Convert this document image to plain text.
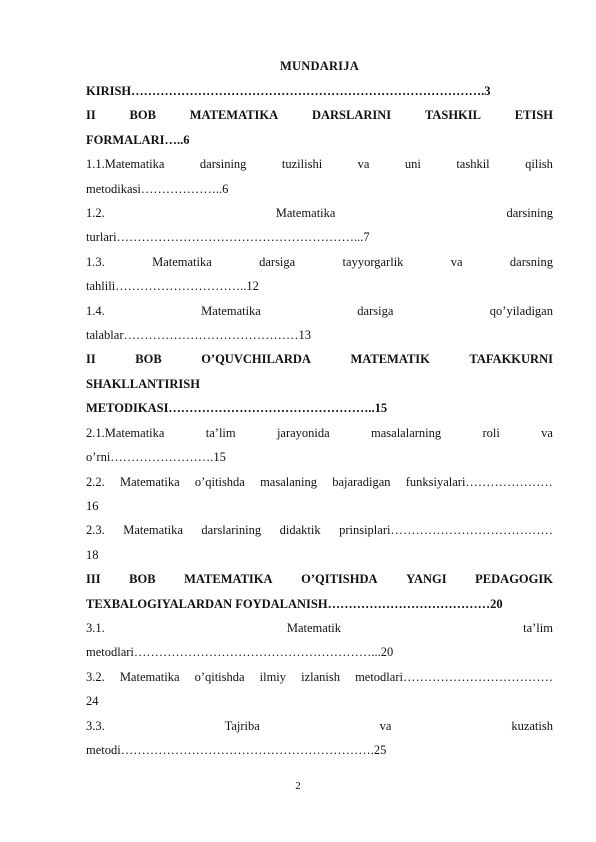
MUNDARIJA
KIRISH………………………………………………………………………….3
II	BOB	MATEMATIKA	DARSLARINI	TASHKIL	ETISH
FORMALARI…..6
1.1.Matematika	darsining	tuzilishi	va	uni	tashkil	qilish
metodikasi………………..6
1.2.	Matematika	darsining
turlari…………………………………………………...7
1.3.	Matematika	darsiga	tayyorgarlik	va	darsning
tahlili…………………………..12
1.4.	Matematika	darsiga	qo’yiladigan
talablar……………………………………13
II	BOB	O’QUVCHILARDA	MATEMATIK	TAFAKKURNI
SHAKLLANTIRISH
METODIKASI…………………………………………..15
2.1.Matematika	ta’lim	jarayonida	masalalarning	roli	va
o’rni…………………….15
2.2. Matematika o’qitishda masalaning bajaradigan funksiyalari…………………
16
2.3. Matematika darslarining didaktik prinsiplari…………………………………
18
III BOB MATEMATIKA O’QITISHDA YANGI PEDAGOGIK
TEXBALOGIYALARDAN FOYDALANISH…………………………………20
3.1.	Matematik	ta’lim
metodlari…………………………………………………...20
3.2. Matematika o’qitishda ilmiy izlanish metodlari………………………………
24
3.3.	Tajriba	va	kuzatish
metodi…………………………………………………….25
2
